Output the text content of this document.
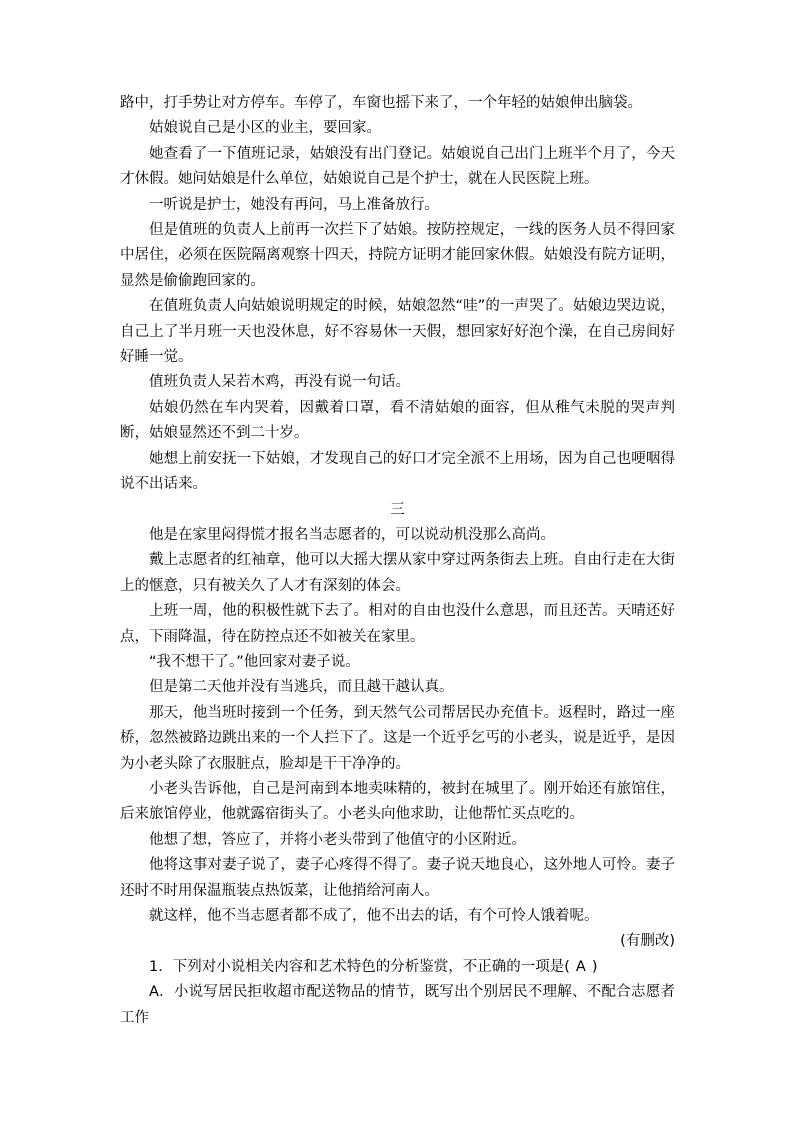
路中，打手势让对方停车。车停了，车窗也摇下来了，一个年轻的姑娘伸出脑袋。

姑娘说自己是小区的业主，要回家。

她查看了一下值班记录，姑娘没有出门登记。姑娘说自己出门上班半个月了，今天才休假。她问姑娘是什么单位，姑娘说自己是个护士，就在人民医院上班。

一听说是护士，她没有再问，马上准备放行。

但是值班的负责人上前再一次拦下了姑娘。按防控规定，一线的医务人员不得回家中居住，必须在医院隔离观察十四天，持院方证明才能回家休假。姑娘没有院方证明，显然是偷偷跑回家的。

在值班负责人向姑娘说明规定的时候，姑娘忽然“哇”的一声哭了。姑娘边哭边说，自己上了半月班一天也没休息，好不容易休一天假，想回家好好泡个澡，在自己房间好好睡一觉。

值班负责人呆若木鸡，再没有说一句话。

姑娘仍然在车内哭着，因戴着口罩，看不清姑娘的面容，但从稚气未脱的哭声判断，姑娘显然还不到二十岁。

她想上前安抚一下姑娘，才发现自己的好口才完全派不上用场，因为自己也哽咽得说不出话来。

三

他是在家里闷得慌才报名当志愿者的，可以说动机没那么高尚。

戴上志愿者的红袖章，他可以大摇大摆从家中穿过两条街去上班。自由行走在大街上的惬意，只有被关久了人才有深刻的体会。

上班一周，他的积极性就下去了。相对的自由也没什么意思，而且还苦。天晴还好点，下雨降温，待在防控点还不如被关在家里。

“我不想干了。”他回家对妻子说。

但是第二天他并没有当逃兵，而且越干越认真。

那天，他当班时接到一个任务，到天然气公司帮居民办充值卡。返程时，路过一座桥，忽然被路边跳出来的一个人拦下了。这是一个近乎乞丐的小老头，说是近乎，是因为小老头除了衣服脏点，脸却是干干净净的。

小老头告诉他，自己是河南到本地卖味精的，被封在城里了。刚开始还有旅馆住，后来旅馆停业，他就露宿街头了。小老头向他求助，让他帮忙买点吃的。

他想了想，答应了，并将小老头带到了他值守的小区附近。

他将这事对妻子说了，妻子心疼得不得了。妻子说天地良心，这外地人可怜。妻子还时不时用保温瓶装点热饭菜，让他捎给河南人。

就这样，他不当志愿者都不成了，他不出去的话，有个可怜人饿着呢。

(有删改)

1．下列对小说相关内容和艺术特色的分析鉴赏，不正确的一项是( A )

A．小说写居民拒收超市配送物品的情节，既写出个别居民不理解、不配合志愿者工作
